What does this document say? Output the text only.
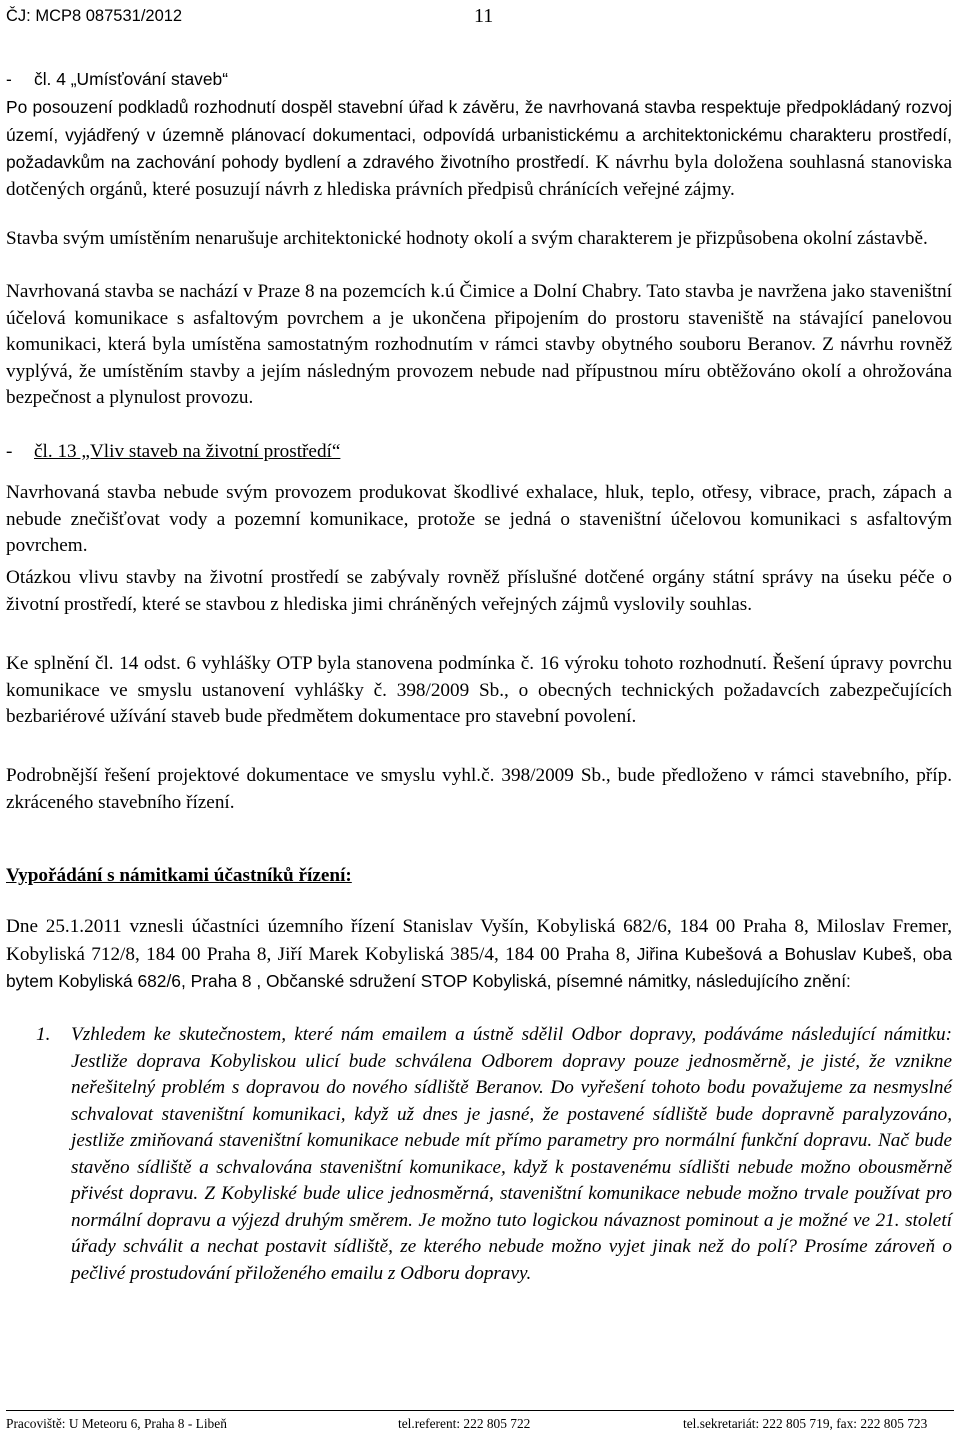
ČJ: MCP8 087531/2012	11
- čl. 4 „Umísťování staveb“

Po posouzení podkladů rozhodnutí dospěl stavební úřad k závěru, že navrhovaná stavba respektuje předpokládaný rozvoj území, vyjádřený v územně plánovací dokumentaci, odpovídá urbanistickému a architektonickému charakteru prostředí, požadavkům na zachování pohody bydlení a zdravého životního prostředí. K návrhu byla doložena souhlasná stanoviska dotčených orgánů, které posuzují návrh z hlediska právních předpisů chránících veřejné zájmy.

Stavba svým umístěním nenarušuje architektonické hodnoty okolí a svým charakterem je přizpůsobena okolní zástavbě.

Navrhovaná stavba se nachází v Praze 8 na pozemcích k.ú Čimice a Dolní Chabry. Tato stavba je navržena jako staveništní účelová komunikace s asfaltovým povrchem a je ukončena připojením do prostoru staveniště na stávající panelovou komunikaci, která byla umístěna samostatným rozhodnutím v rámci stavby obytného souboru Beranov. Z návrhu rovněž vyplývá, že umístěním stavby a jejím následným provozem nebude nad přípustnou míru obtěžováno okolí a ohrožována bezpečnost a plynulost provozu.

- čl. 13 „Vliv staveb na životní prostředí“

Navrhovaná stavba nebude svým provozem produkovat škodlivé exhalace, hluk, teplo, otřesy, vibrace, prach, zápach a nebude znečišťovat vody a pozemní komunikace, protože se jedná o staveništní účelovou komunikaci s asfaltovým povrchem.

Otázkou vlivu stavby na životní prostředí se zabývaly rovněž příslušné dotčené orgány státní správy na úseku péče o životní prostředí, které se stavbou z hlediska jimi chráněných veřejných zájmů vyslovily souhlas.

Ke splnění čl. 14 odst. 6 vyhlášky OTP byla stanovena podmínka č. 16 výroku tohoto rozhodnutí. Řešení úpravy povrchu komunikace ve smyslu ustanovení vyhlášky č. 398/2009 Sb., o obecných technických požadavcích zabezpečujících bezbariérové užívání staveb bude předmětem dokumentace pro stavební povolení.

Podrobnější řešení projektové dokumentace ve smyslu vyhl.č. 398/2009 Sb., bude předloženo v rámci stavebního, příp. zkráceného stavebního řízení.

Vypořádání s námitkami účastníků řízení:

Dne 25.1.2011 vznesli účastníci územního řízení Stanislav Vyšín, Kobyliská 682/6, 184 00 Praha 8, Miloslav Fremer, Kobyliská 712/8, 184 00 Praha 8, Jiří Marek Kobyliská 385/4, 184 00 Praha 8, Jiřina Kubešová a Bohuslav Kubeš, oba bytem Kobyliská 682/6, Praha 8 , Občanské sdružení STOP Kobyliská, písemné námitky, následujícího znění:

1. Vzhledem ke skutečnostem, které nám emailem a ústně sdělil Odbor dopravy, podáváme následující námitku: Jestliže doprava Kobyliskou ulicí bude schválena Odborem dopravy pouze jednosměrně, je jisté, že vznikne neřešitelný problém s dopravou do nového sídliště Beranov. Do vyřešení tohoto bodu považujeme za nesmyslné schvalovat staveništní komunikaci, když už dnes je jasné, že postavené sídliště bude dopravně paralyzováno, jestliže zmiňovaná staveništní komunikace nebude mít přímo parametry pro normální funkční dopravu. Nač bude stavěno sídliště a schvalována staveništní komunikace, když k postavenému sídlišti nebude možno obousměrně přivést dopravu. Z Kobyliské bude ulice jednosměrná, staveništní komunikace nebude možno trvale používat pro normální dopravu a výjezd druhým směrem. Je možno tuto logickou návaznost pominout a je možné ve 21. století úřady schválit a nechat postavit sídliště, ze kterého nebude možno vyjet jinak než do polí? Prosíme zároveň o pečlivé prostudování přiloženého emailu z Odboru dopravy.

Pracoviště: U Meteoru 6, Praha 8 - Libeň	tel.referent: 222 805 722	tel.sekretariát: 222 805 719, fax: 222 805 723
